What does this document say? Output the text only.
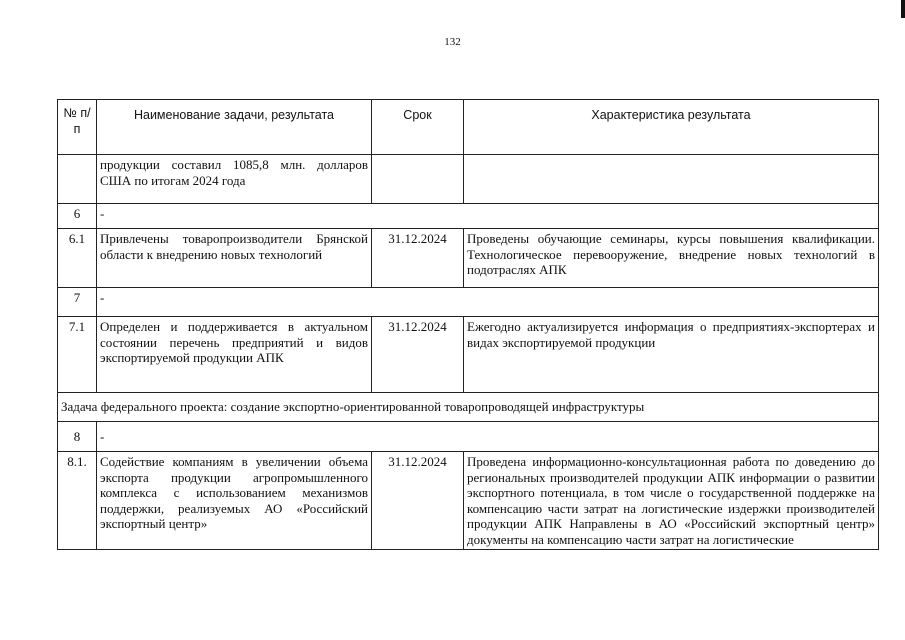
132
№ п/п	Наименование задачи, результата	Срок	Характеристика результата
	продукции составил 1085,8 млн. долларов США по итогам 2024 года		
6	-		
6.1	Привлечены товаропроизводители Брянской области к внедрению новых технологий	31.12.2024	Проведены обучающие семинары, курсы повышения квалификации. Технологическое перевооружение, внедрение новых технологий в подотраслях АПК
7	-		
7.1	Определен и поддерживается в актуальном состоянии перечень предприятий и видов экспортируемой продукции АПК	31.12.2024	Ежегодно актуализируется информация о предприятиях-экспортерах и видах экспортируемой продукции
Задача федерального проекта: создание экспортно-ориентированной товаропроводящей инфраструктуры			
8	-		
8.1.	Содействие компаниям в увеличении объема экспорта продукции агропромышленного комплекса с использованием механизмов поддержки, реализуемых АО «Российский экспортный центр»	31.12.2024	Проведена информационно-консультационная работа по доведению до региональных производителей продукции АПК информации о развитии экспортного потенциала, в том числе о государственной поддержке на компенсацию части затрат на логистические издержки производителей продукции АПК Направлены в АО «Российский экспортный центр» документы на компенсацию части затрат на логистические
